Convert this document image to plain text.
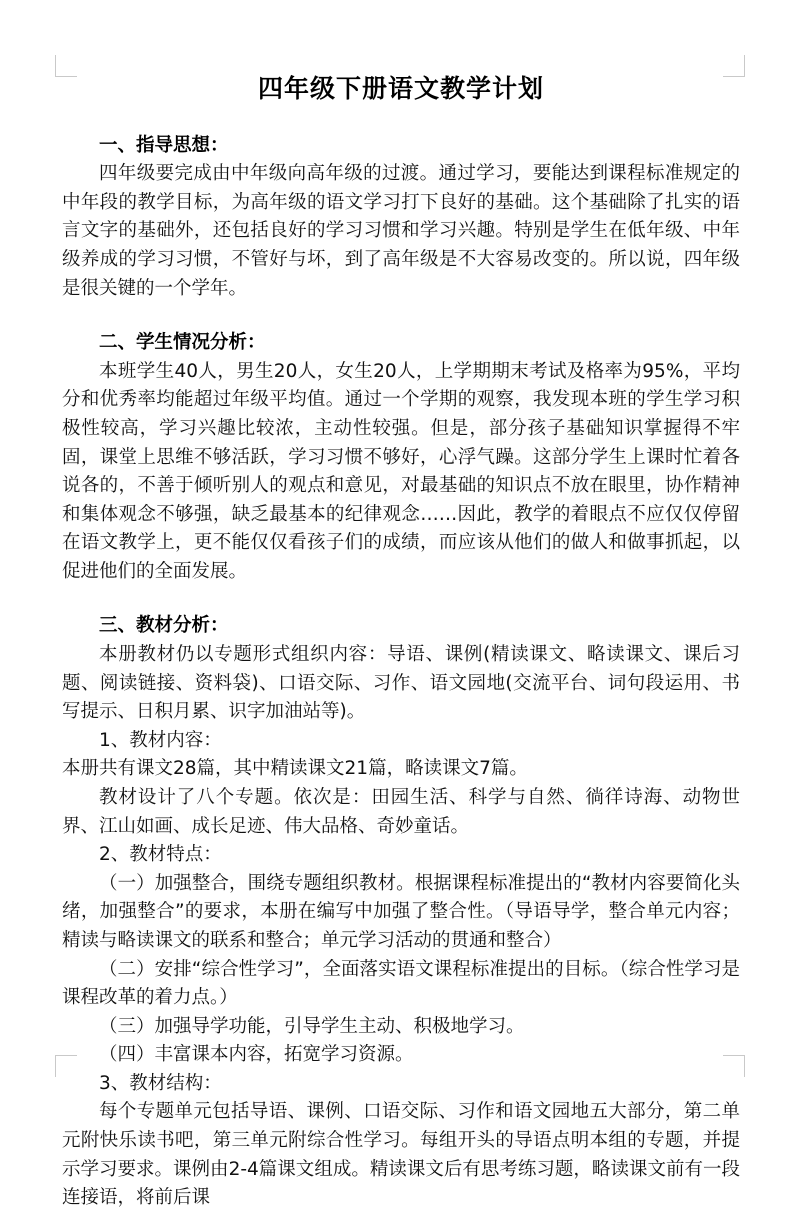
四年级下册语文教学计划
一、指导思想：

四年级要完成由中年级向高年级的过渡。通过学习，要能达到课程标准规定的中年段的教学目标，为高年级的语文学习打下良好的基础。这个基础除了扎实的语言文字的基础外，还包括良好的学习习惯和学习兴趣。特别是学生在低年级、中年级养成的学习习惯，不管好与坏，到了高年级是不大容易改变的。所以说，四年级是很关键的一个学年。

二、学生情况分析：

本班学生40人，男生20人，女生20人，上学期期末考试及格率为95%，平均分和优秀率均能超过年级平均值。通过一个学期的观察，我发现本班的学生学习积极性较高，学习兴趣比较浓，主动性较强。但是，部分孩子基础知识掌握得不牢固，课堂上思维不够活跃，学习习惯不够好，心浮气躁。这部分学生上课时忙着各说各的，不善于倾听别人的观点和意见，对最基础的知识点不放在眼里，协作精神和集体观念不够强，缺乏最基本的纪律观念……因此，教学的着眼点不应仅仅停留在语文教学上，更不能仅仅看孩子们的成绩，而应该从他们的做人和做事抓起，以促进他们的全面发展。

三、教材分析：

本册教材仍以专题形式组织内容：导语、课例(精读课文、略读课文、课后习题、阅读链接、资料袋)、口语交际、习作、语文园地(交流平台、词句段运用、书写提示、日积月累、识字加油站等)。

1、教材内容：

本册共有课文28篇，其中精读课文21篇，略读课文7篇。

教材设计了八个专题。依次是：田园生活、科学与自然、徜徉诗海、动物世界、江山如画、成长足迹、伟大品格、奇妙童话。

2、教材特点：

（一）加强整合，围绕专题组织教材。根据课程标准提出的“教材内容要简化头绪，加强整合”的要求，本册在编写中加强了整合性。（导语导学，整合单元内容；精读与略读课文的联系和整合；单元学习活动的贯通和整合）

（二）安排“综合性学习”，全面落实语文课程标准提出的目标。（综合性学习是课程改革的着力点。）

（三）加强导学功能，引导学生主动、积极地学习。

（四）丰富课本内容，拓宽学习资源。

3、教材结构：

每个专题单元包括导语、课例、口语交际、习作和语文园地五大部分，第二单元附快乐读书吧，第三单元附综合性学习。每组开头的导语点明本组的专题，并提示学习要求。课例由2-4篇课文组成。精读课文后有思考练习题，略读课文前有一段连接语，将前后课
